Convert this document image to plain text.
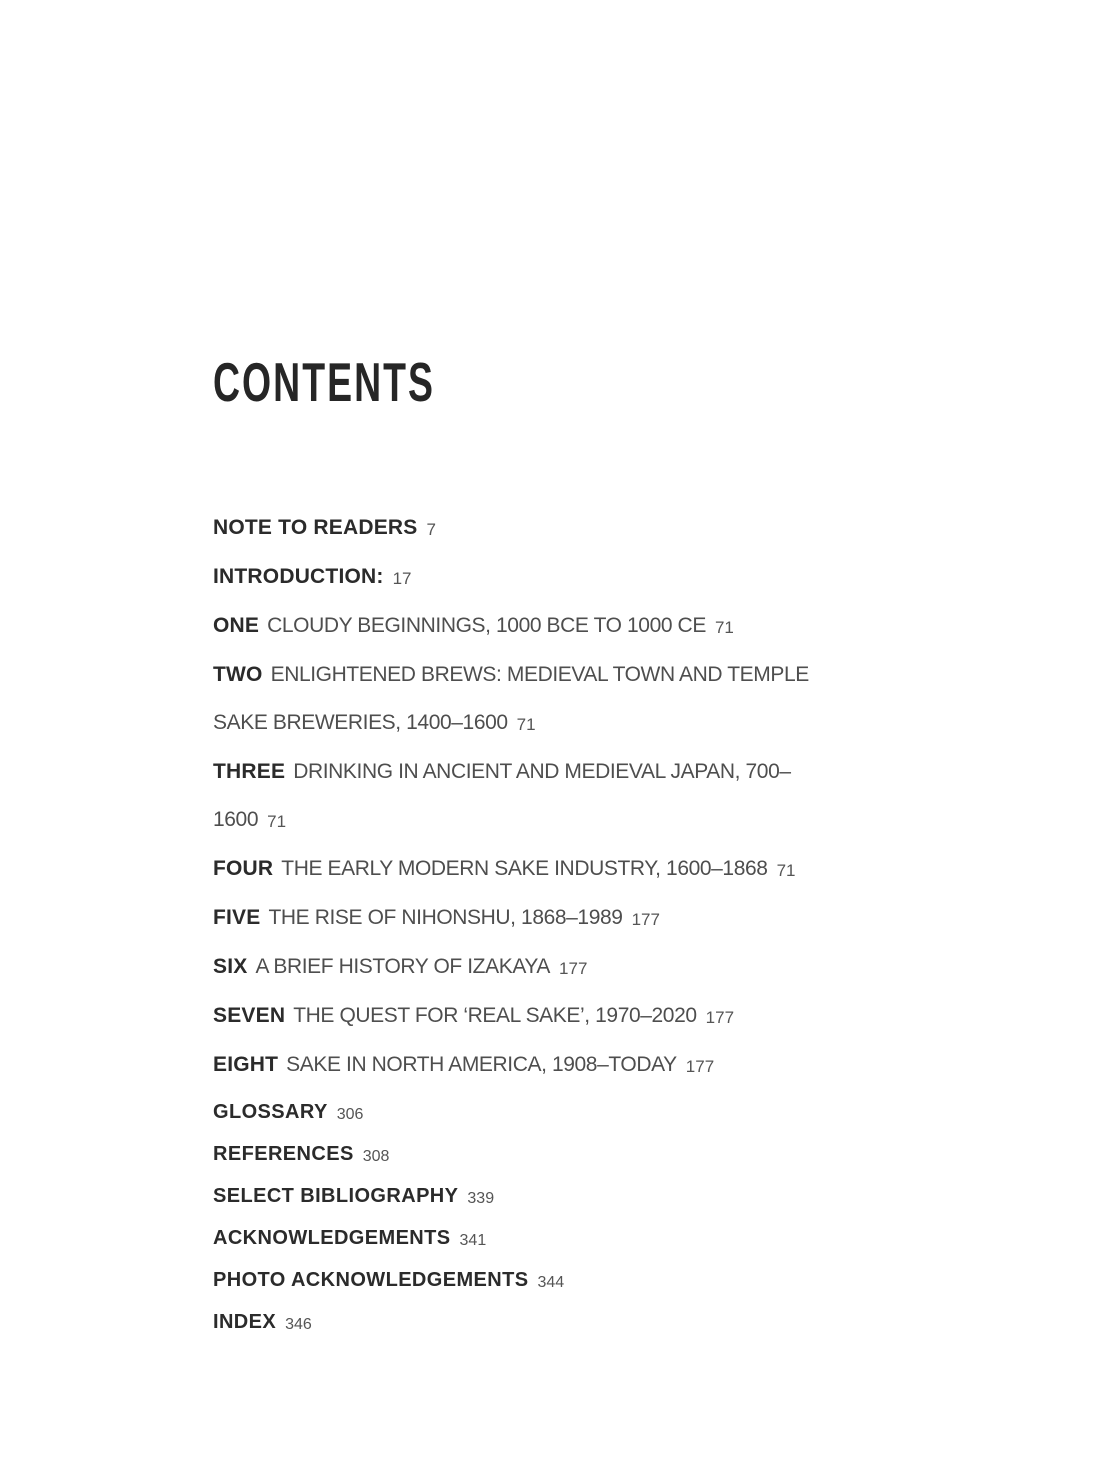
CONTENTS

NOTE TO READERS 7

INTRODUCTION: 17

ONE CLOUDY BEGINNINGS, 1000 BCE TO 1000 CE 71

TWO ENLIGHTENED BREWS: MEDIEVAL TOWN AND TEMPLE SAKE BREWERIES, 1400–1600 71

THREE DRINKING IN ANCIENT AND MEDIEVAL JAPAN, 700–1600 71

FOUR THE EARLY MODERN SAKE INDUSTRY, 1600–1868 71

FIVE THE RISE OF NIHONSHU, 1868–1989 177

SIX A BRIEF HISTORY OF IZAKAYA 177

SEVEN THE QUEST FOR ‘REAL SAKE’, 1970–2020 177

EIGHT SAKE IN NORTH AMERICA, 1908–TODAY 177

GLOSSARY 306

REFERENCES 308

SELECT BIBLIOGRAPHY 339

ACKNOWLEDGEMENTS 341

PHOTO ACKNOWLEDGEMENTS 344

INDEX 346
